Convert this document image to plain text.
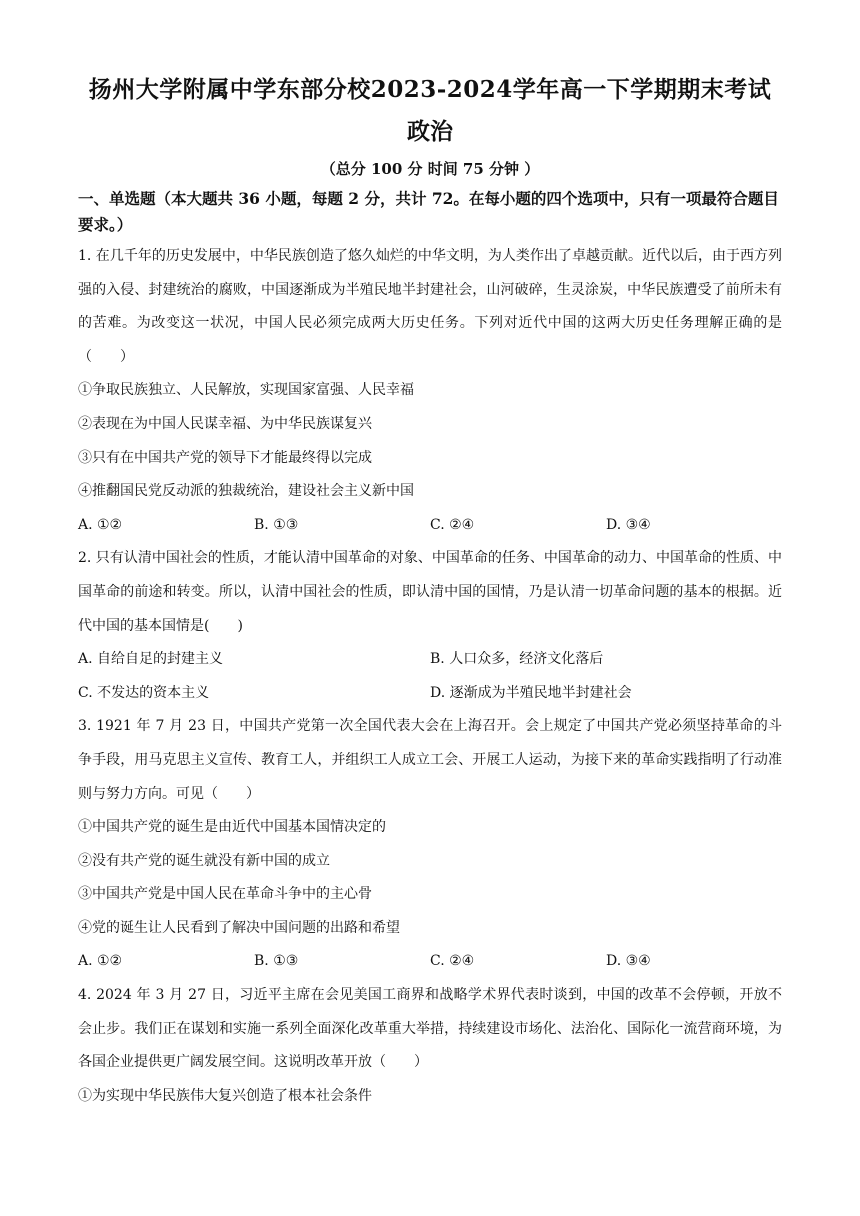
扬州大学附属中学东部分校2023-2024学年高一下学期期末考试

政治

（总分 100 分 时间 75 分钟 ）

一、单选题（本大题共 36 小题，每题 2 分，共计 72。在每小题的四个选项中，只有一项最符合题目要求。）

1. 在几千年的历史发展中，中华民族创造了悠久灿烂的中华文明，为人类作出了卓越贡献。近代以后，由于西方列强的入侵、封建统治的腐败，中国逐渐成为半殖民地半封建社会，山河破碎，生灵涂炭，中华民族遭受了前所未有的苦难。为改变这一状况，中国人民必须完成两大历史任务。下列对近代中国的这两大历史任务理解正确的是（　　）

①争取民族独立、人民解放，实现国家富强、人民幸福

②表现在为中国人民谋幸福、为中华民族谋复兴

③只有在中国共产党的领导下才能最终得以完成

④推翻国民党反动派的独裁统治，建设社会主义新中国

A. ①②	B. ①③	C. ②④	D. ③④

2. 只有认清中国社会的性质，才能认清中国革命的对象、中国革命的任务、中国革命的动力、中国革命的性质、中国革命的前途和转变。所以，认清中国社会的性质，即认清中国的国情，乃是认清一切革命问题的基本的根据。近代中国的基本国情是(　　)

A. 自给自足的封建主义	B. 人口众多，经济文化落后
C. 不发达的资本主义	D. 逐渐成为半殖民地半封建社会

3. 1921 年 7 月 23 日，中国共产党第一次全国代表大会在上海召开。会上规定了中国共产党必须坚持革命的斗争手段，用马克思主义宣传、教育工人，并组织工人成立工会、开展工人运动，为接下来的革命实践指明了行动准则与努力方向。可见（　　）

①中国共产党的诞生是由近代中国基本国情决定的

②没有共产党的诞生就没有新中国的成立

③中国共产党是中国人民在革命斗争中的主心骨

④党的诞生让人民看到了解决中国问题的出路和希望

A. ①②	B. ①③	C. ②④	D. ③④

4. 2024 年 3 月 27 日，习近平主席在会见美国工商界和战略学术界代表时谈到，中国的改革不会停顿，开放不会止步。我们正在谋划和实施一系列全面深化改革重大举措，持续建设市场化、法治化、国际化一流营商环境，为各国企业提供更广阔发展空间。这说明改革开放（　　）

①为实现中华民族伟大复兴创造了根本社会条件
